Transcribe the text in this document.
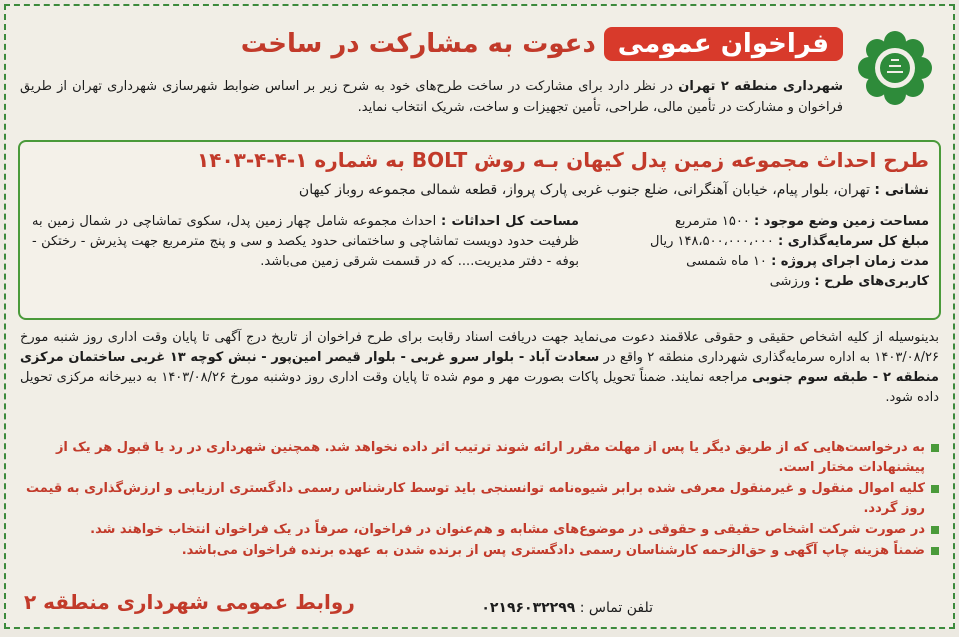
فراخوان عمومی
دعوت به مشارکت در ساخت
شهرداری منطقه ۲ تهران در نظر دارد برای مشارکت در ساخت طرح‌های خود به شرح زیر بر اساس ضوابط شهرسازی شهرداری تهران از طریق فراخوان و مشارکت در تأمین مالی، طراحی، تأمین تجهیزات و ساخت، شریک انتخاب نماید.
طرح احداث مجموعه زمین پدل کیهان بـه روش BOLT به شماره ۱-۴-۴-۱۴۰۳
نشانی : تهران، بلوار پیام، خیابان آهنگرانی، ضلع جنوب غربی پارک پرواز، قطعه شمالی مجموعه روباز کیهان
مساحت زمین وضع موجود : ۱۵۰۰ مترمربع
مبلغ کل سرمایه‌گذاری : ۱۴۸،۵۰۰،۰۰۰،۰۰۰ ریال
مدت زمان اجرای پروژه : ۱۰ ماه شمسی
کاربری‌های طرح : ورزشی
مساحت کل احداثات : احداث مجموعه شامل چهار زمین پدل، سکوی تماشاچی در شمال زمین به ظرفیت حدود دویست تماشاچی و ساختمانی حدود یکصد و سی و پنج مترمربع جهت پذیرش - رختکن - بوفه - دفتر مدیریت.... که در قسمت شرقی زمین می‌باشد.
بدینوسیله از کلیه اشخاص حقیقی و حقوقی علاقمند دعوت می‌نماید جهت دریافت اسناد رقابت برای طرح فراخوان از تاریخ درج آگهی تا پایان وقت اداری روز شنبه مورخ ۱۴۰۳/۰۸/۲۶ به اداره سرمایه‌گذاری شهرداری منطقه ۲ واقع در سعادت آباد - بلوار سرو غربی - بلوار قیصر امین‌پور - نبش کوچه ۱۳ غربی ساختمان مرکزی منطقه ۲ - طبقه سوم جنوبی مراجعه نمایند. ضمناً تحویل پاکات بصورت مهر و موم شده تا پایان وقت اداری روز دوشنبه مورخ ۱۴۰۳/۰۸/۲۶ به دبیرخانه مرکزی تحویل داده شود.
به درخواست‌هایی که از طریق دیگر یا پس از مهلت مقرر ارائه شوند ترتیب اثر داده نخواهد شد. همچنین شهرداری در رد یا قبول هر یک از پیشنهادات مختار است.
کلیه اموال منقول و غیرمنقول معرفی شده برابر شیوه‌نامه توانسنجی باید توسط کارشناس رسمی دادگستری ارزیابی و ارزش‌گذاری به قیمت روز گردد.
در صورت شرکت اشخاص حقیقی و حقوقی در موضوع‌های مشابه و هم‌عنوان در فراخوان، صرفاً در یک فراخوان انتخاب خواهند شد.
ضمناً هزینه چاپ آگهی و حق‌الزحمه کارشناسان رسمی دادگستری پس از برنده شدن به عهده برنده فراخوان می‌باشد.
تلفن تماس : ۰۲۱۹۶۰۳۲۲۹۹
روابط عمومی شهرداری منطقه ۲
